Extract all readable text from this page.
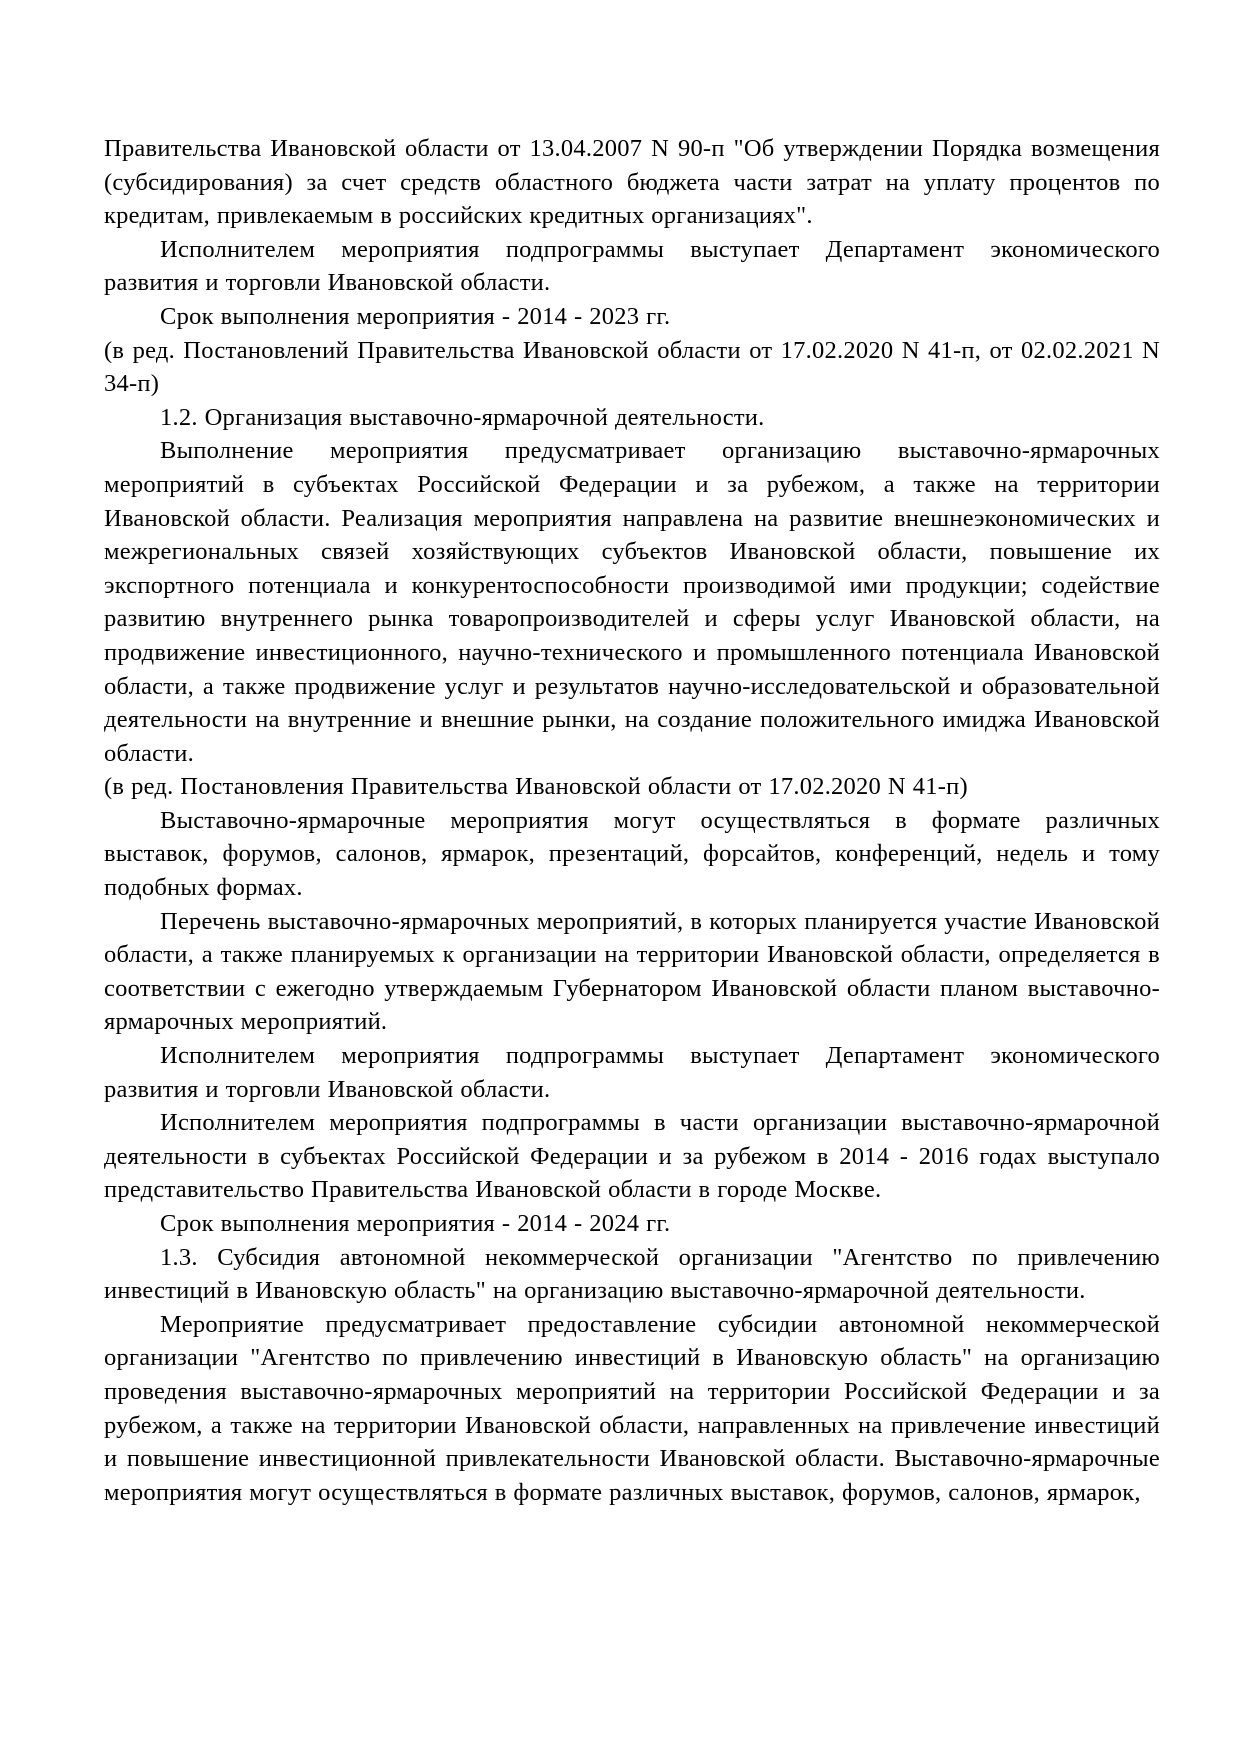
Правительства Ивановской области от 13.04.2007 N 90-п "Об утверждении Порядка возмещения (субсидирования) за счет средств областного бюджета части затрат на уплату процентов по кредитам, привлекаемым в российских кредитных организациях".

Исполнителем мероприятия подпрограммы выступает Департамент экономического развития и торговли Ивановской области.

Срок выполнения мероприятия - 2014 - 2023 гг.

(в ред. Постановлений Правительства Ивановской области от 17.02.2020 N 41-п, от 02.02.2021 N 34-п)

1.2. Организация выставочно-ярмарочной деятельности.

Выполнение мероприятия предусматривает организацию выставочно-ярмарочных мероприятий в субъектах Российской Федерации и за рубежом, а также на территории Ивановской области. Реализация мероприятия направлена на развитие внешнеэкономических и межрегиональных связей хозяйствующих субъектов Ивановской области, повышение их экспортного потенциала и конкурентоспособности производимой ими продукции; содействие развитию внутреннего рынка товаропроизводителей и сферы услуг Ивановской области, на продвижение инвестиционного, научно-технического и промышленного потенциала Ивановской области, а также продвижение услуг и результатов научно-исследовательской и образовательной деятельности на внутренние и внешние рынки, на создание положительного имиджа Ивановской области.

(в ред. Постановления Правительства Ивановской области от 17.02.2020 N 41-п)

Выставочно-ярмарочные мероприятия могут осуществляться в формате различных выставок, форумов, салонов, ярмарок, презентаций, форсайтов, конференций, недель и тому подобных формах.

Перечень выставочно-ярмарочных мероприятий, в которых планируется участие Ивановской области, а также планируемых к организации на территории Ивановской области, определяется в соответствии с ежегодно утверждаемым Губернатором Ивановской области планом выставочно-ярмарочных мероприятий.

Исполнителем мероприятия подпрограммы выступает Департамент экономического развития и торговли Ивановской области.

Исполнителем мероприятия подпрограммы в части организации выставочно-ярмарочной деятельности в субъектах Российской Федерации и за рубежом в 2014 - 2016 годах выступало представительство Правительства Ивановской области в городе Москве.

Срок выполнения мероприятия - 2014 - 2024 гг.

1.3. Субсидия автономной некоммерческой организации "Агентство по привлечению инвестиций в Ивановскую область" на организацию выставочно-ярмарочной деятельности.

Мероприятие предусматривает предоставление субсидии автономной некоммерческой организации "Агентство по привлечению инвестиций в Ивановскую область" на организацию проведения выставочно-ярмарочных мероприятий на территории Российской Федерации и за рубежом, а также на территории Ивановской области, направленных на привлечение инвестиций и повышение инвестиционной привлекательности Ивановской области. Выставочно-ярмарочные мероприятия могут осуществляться в формате различных выставок, форумов, салонов, ярмарок,
